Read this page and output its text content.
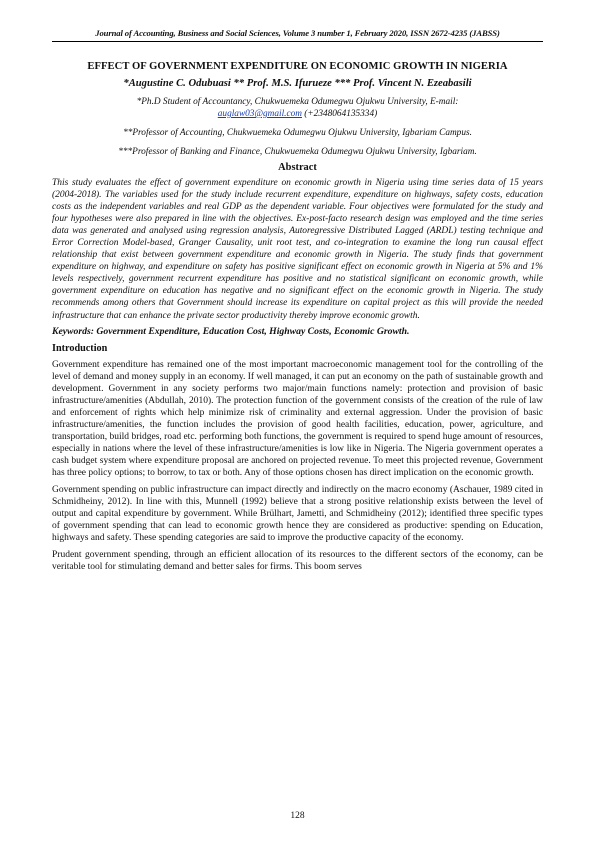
Journal of Accounting, Business and Social Sciences, Volume 3 number 1, February 2020, ISSN 2672-4235 (JABSS)
EFFECT OF GOVERNMENT EXPENDITURE ON ECONOMIC GROWTH IN NIGERIA
*Augustine C. Odubuasi ** Prof. M.S. Ifurueze *** Prof. Vincent N. Ezeabasili
*Ph.D Student of Accountancy, Chukwuemeka Odumegwu Ojukwu University, E-mail:
auglaw03@gmail.com (+2348064135334)
**Professor of Accounting, Chukwuemeka Odumegwu Ojukwu University, Igbariam Campus.
***Professor of Banking and Finance, Chukwuemeka Odumegwu Ojukwu University, Igbariam.
Abstract
This study evaluates the effect of government expenditure on economic growth in Nigeria using time series data of 15 years (2004-2018). The variables used for the study include recurrent expenditure, expenditure on highways, safety costs, education costs as the independent variables and real GDP as the dependent variable. Four objectives were formulated for the study and four hypotheses were also prepared in line with the objectives. Ex-post-facto research design was employed and the time series data was generated and analysed using regression analysis, Autoregressive Distributed Lagged (ARDL) testing technique and Error Correction Model-based, Granger Causality, unit root test, and co-integration to examine the long run causal effect relationship that exist between government expenditure and economic growth in Nigeria. The study finds that government expenditure on highway, and expenditure on safety has positive significant effect on economic growth in Nigeria at 5% and 1% levels respectively, government recurrent expenditure has positive and no statistical significant on economic growth, while government expenditure on education has negative and no significant effect on the economic growth in Nigeria. The study recommends among others that Government should increase its expenditure on capital project as this will provide the needed infrastructure that can enhance the private sector productivity thereby improve economic growth.
Keywords: Government Expenditure, Education Cost, Highway Costs, Economic Growth.
Introduction
Government expenditure has remained one of the most important macroeconomic management tool for the controlling of the level of demand and money supply in an economy. If well managed, it can put an economy on the path of sustainable growth and development. Government in any society performs two major/main functions namely: protection and provision of basic infrastructure/amenities (Abdullah, 2010). The protection function of the government consists of the creation of the rule of law and enforcement of rights which help minimize risk of criminality and external aggression. Under the provision of basic infrastructure/amenities, the function includes the provision of good health facilities, education, power, agriculture, and transportation, build bridges, road etc. performing both functions, the government is required to spend huge amount of resources, especially in nations where the level of these infrastructure/amenities is low like in Nigeria. The Nigeria government operates a cash budget system where expenditure proposal are anchored on projected revenue. To meet this projected revenue, Government has three policy options; to borrow, to tax or both. Any of those options chosen has direct implication on the economic growth.
Government spending on public infrastructure can impact directly and indirectly on the macro economy (Aschauer, 1989 cited in Schmidheiny, 2012). In line with this, Munnell (1992) believe that a strong positive relationship exists between the level of output and capital expenditure by government. While Brülhart, Jametti, and Schmidheiny (2012); identified three specific types of government spending that can lead to economic growth hence they are considered as productive: spending on Education, highways and safety. These spending categories are said to improve the productive capacity of the economy.
Prudent government spending, through an efficient allocation of its resources to the different sectors of the economy, can be veritable tool for stimulating demand and better sales for firms. This boom serves
128
